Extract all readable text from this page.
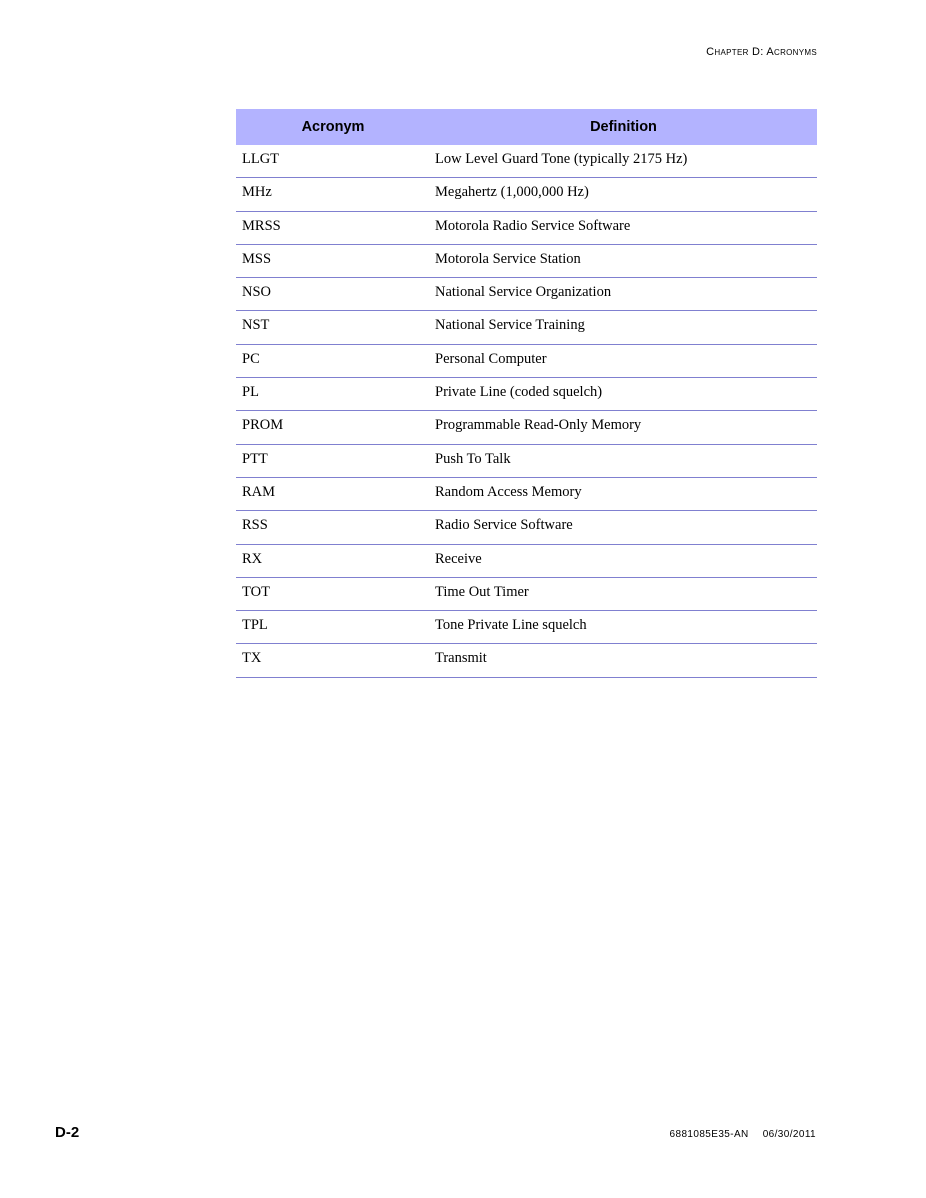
Chapter D: Acronyms
Acronym	Definition
LLGT	Low Level Guard Tone (typically 2175 Hz)
MHz	Megahertz (1,000,000 Hz)
MRSS	Motorola Radio Service Software
MSS	Motorola Service Station
NSO	National Service Organization
NST	National Service Training
PC	Personal Computer
PL	Private Line (coded squelch)
PROM	Programmable Read-Only Memory
PTT	Push To Talk
RAM	Random Access Memory
RSS	Radio Service Software
RX	Receive
TOT	Time Out Timer
TPL	Tone Private Line squelch
TX	Transmit
D-2	6881085E35-AN 06/30/2011
